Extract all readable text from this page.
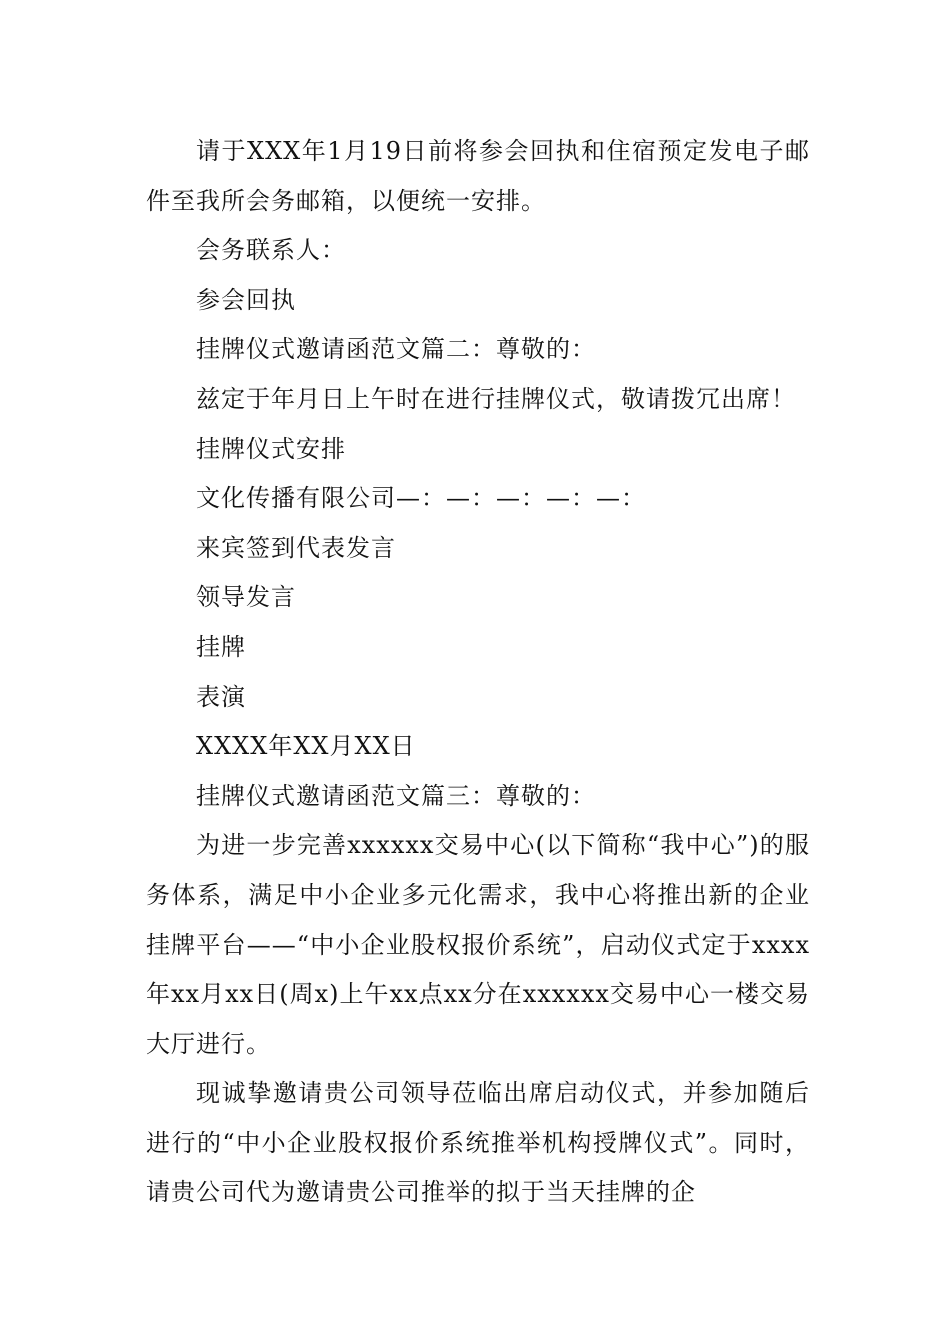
请于XXX年1月19日前将参会回执和住宿预定发电子邮件至我所会务邮箱，以便统一安排。

会务联系人：

参会回执

挂牌仪式邀请函范文篇二：尊敬的：

兹定于年月日上午时在进行挂牌仪式，敬请拨冗出席！

挂牌仪式安排

文化传播有限公司—：—：—：—：—：

来宾签到代表发言

领导发言

挂牌

表演

XXXX年XX月XX日

挂牌仪式邀请函范文篇三：尊敬的：

为进一步完善xxxxxx交易中心(以下简称“我中心”)的服务体系，满足中小企业多元化需求，我中心将推出新的企业挂牌平台——“中小企业股权报价系统”，启动仪式定于xxxx年xx月xx日(周x)上午xx点xx分在xxxxxx交易中心一楼交易大厅进行。

现诚挚邀请贵公司领导莅临出席启动仪式，并参加随后进行的“中小企业股权报价系统推举机构授牌仪式”。同时，请贵公司代为邀请贵公司推举的拟于当天挂牌的企
